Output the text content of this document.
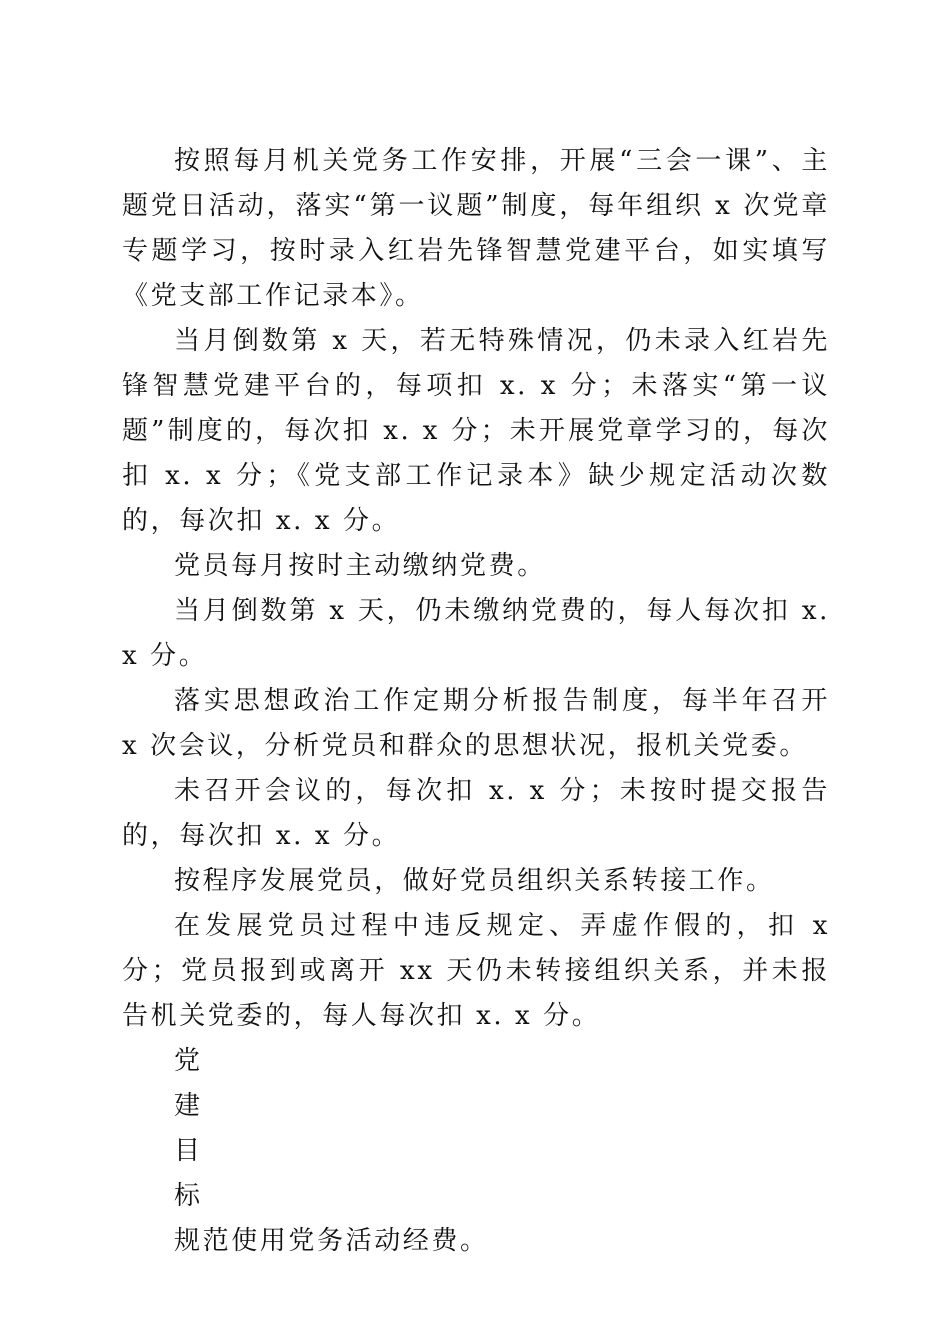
按照每月机关党务工作安排，开展“三会一课”、主题党日活动，落实“第一议题”制度，每年组织 x 次党章专题学习，按时录入红岩先锋智慧党建平台，如实填写《党支部工作记录本》。

当月倒数第 x 天，若无特殊情况，仍未录入红岩先锋智慧党建平台的，每项扣 x. x 分；未落实“第一议题”制度的，每次扣 x. x 分；未开展党章学习的，每次扣 x. x 分；《党支部工作记录本》缺少规定活动次数的，每次扣 x. x 分。

党员每月按时主动缴纳党费。

当月倒数第 x 天，仍未缴纳党费的，每人每次扣 x. x 分。

落实思想政治工作定期分析报告制度，每半年召开 x 次会议，分析党员和群众的思想状况，报机关党委。

未召开会议的，每次扣 x. x 分；未按时提交报告的，每次扣 x. x 分。

按程序发展党员，做好党员组织关系转接工作。

在发展党员过程中违反规定、弄虚作假的，扣 x 分；党员报到或离开 xx 天仍未转接组织关系，并未报告机关党委的，每人每次扣 x. x 分。

党

建

目

标

规范使用党务活动经费。
